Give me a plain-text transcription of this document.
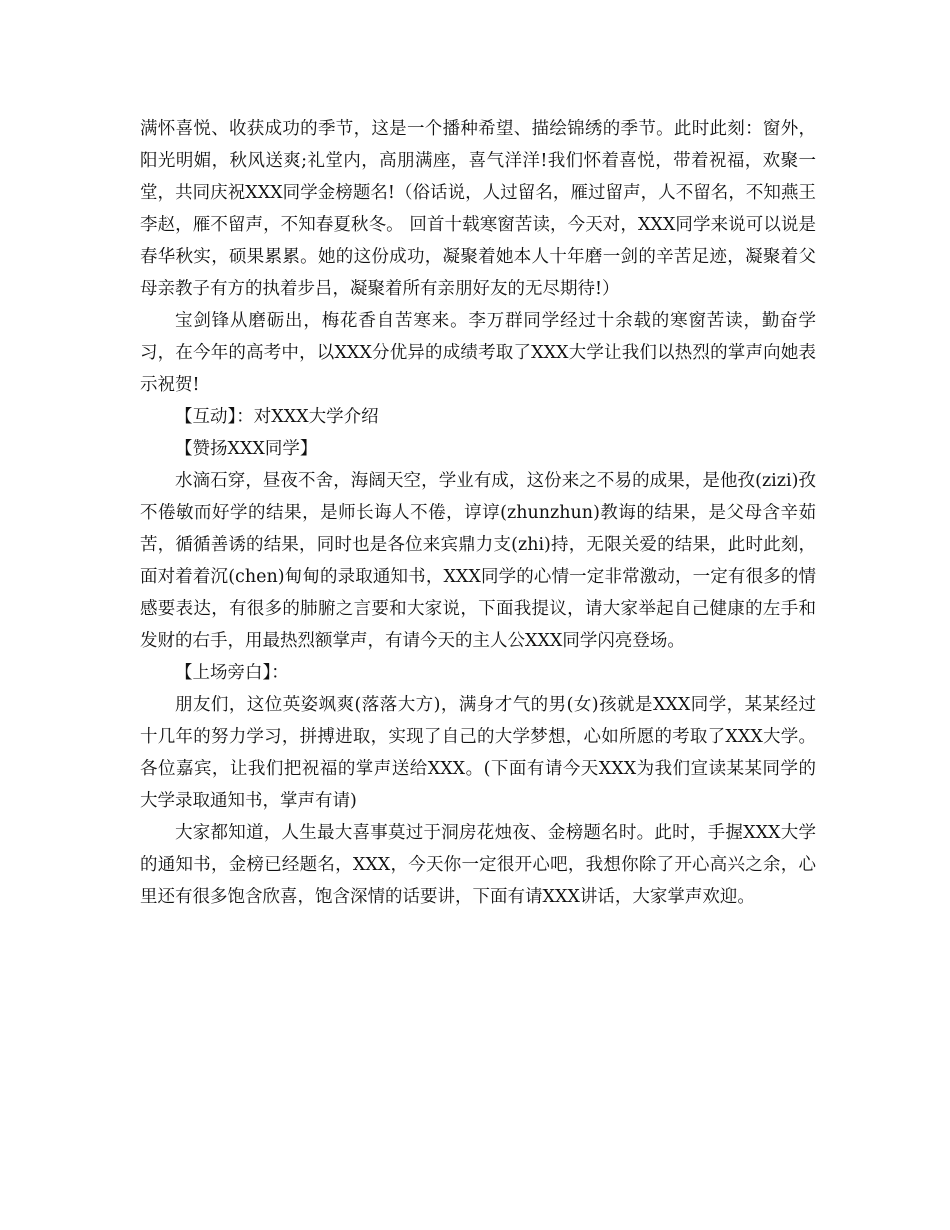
满怀喜悦、收获成功的季节，这是一个播种希望、描绘锦绣的季节。此时此刻：窗外，阳光明媚，秋风送爽;礼堂内，高朋满座，喜气洋洋!我们怀着喜悦，带着祝福，欢聚一堂，共同庆祝XXX同学金榜题名!（俗话说，人过留名，雁过留声，人不留名，不知燕王李赵，雁不留声，不知春夏秋冬。 回首十载寒窗苦读，今天对，XXX同学来说可以说是春华秋实，硕果累累。她的这份成功，凝聚着她本人十年磨一剑的辛苦足迹，凝聚着父母亲教子有方的执着步吕，凝聚着所有亲朋好友的无尽期待!）

宝剑锋从磨砺出，梅花香自苦寒来。李万群同学经过十余载的寒窗苦读，勤奋学习，在今年的高考中，以XXX分优异的成绩考取了XXX大学让我们以热烈的掌声向她表示祝贺!

【互动】：对XXX大学介绍

【赞扬XXX同学】

水滴石穿，昼夜不舍，海阔天空，学业有成，这份来之不易的成果，是他孜(zizi)孜不倦敏而好学的结果，是师长诲人不倦，谆谆(zhunzhun)教诲的结果，是父母含辛茹苦，循循善诱的结果，同时也是各位来宾鼎力支(zhi)持，无限关爱的结果，此时此刻，面对着着沉(chen)甸甸的录取通知书，XXX同学的心情一定非常激动，一定有很多的情感要表达，有很多的肺腑之言要和大家说，下面我提议，请大家举起自己健康的左手和发财的右手，用最热烈额掌声，有请今天的主人公XXX同学闪亮登场。

【上场旁白】：

朋友们，这位英姿飒爽(落落大方)，满身才气的男(女)孩就是XXX同学，某某经过十几年的努力学习，拼搏进取，实现了自己的大学梦想，心如所愿的考取了XXX大学。各位嘉宾，让我们把祝福的掌声送给XXX。(下面有请今天XXX为我们宣读某某同学的大学录取通知书，掌声有请)

大家都知道，人生最大喜事莫过于洞房花烛夜、金榜题名时。此时，手握XXX大学的通知书，金榜已经题名，XXX，今天你一定很开心吧，我想你除了开心高兴之余，心里还有很多饱含欣喜，饱含深情的话要讲，下面有请XXX讲话，大家掌声欢迎。
